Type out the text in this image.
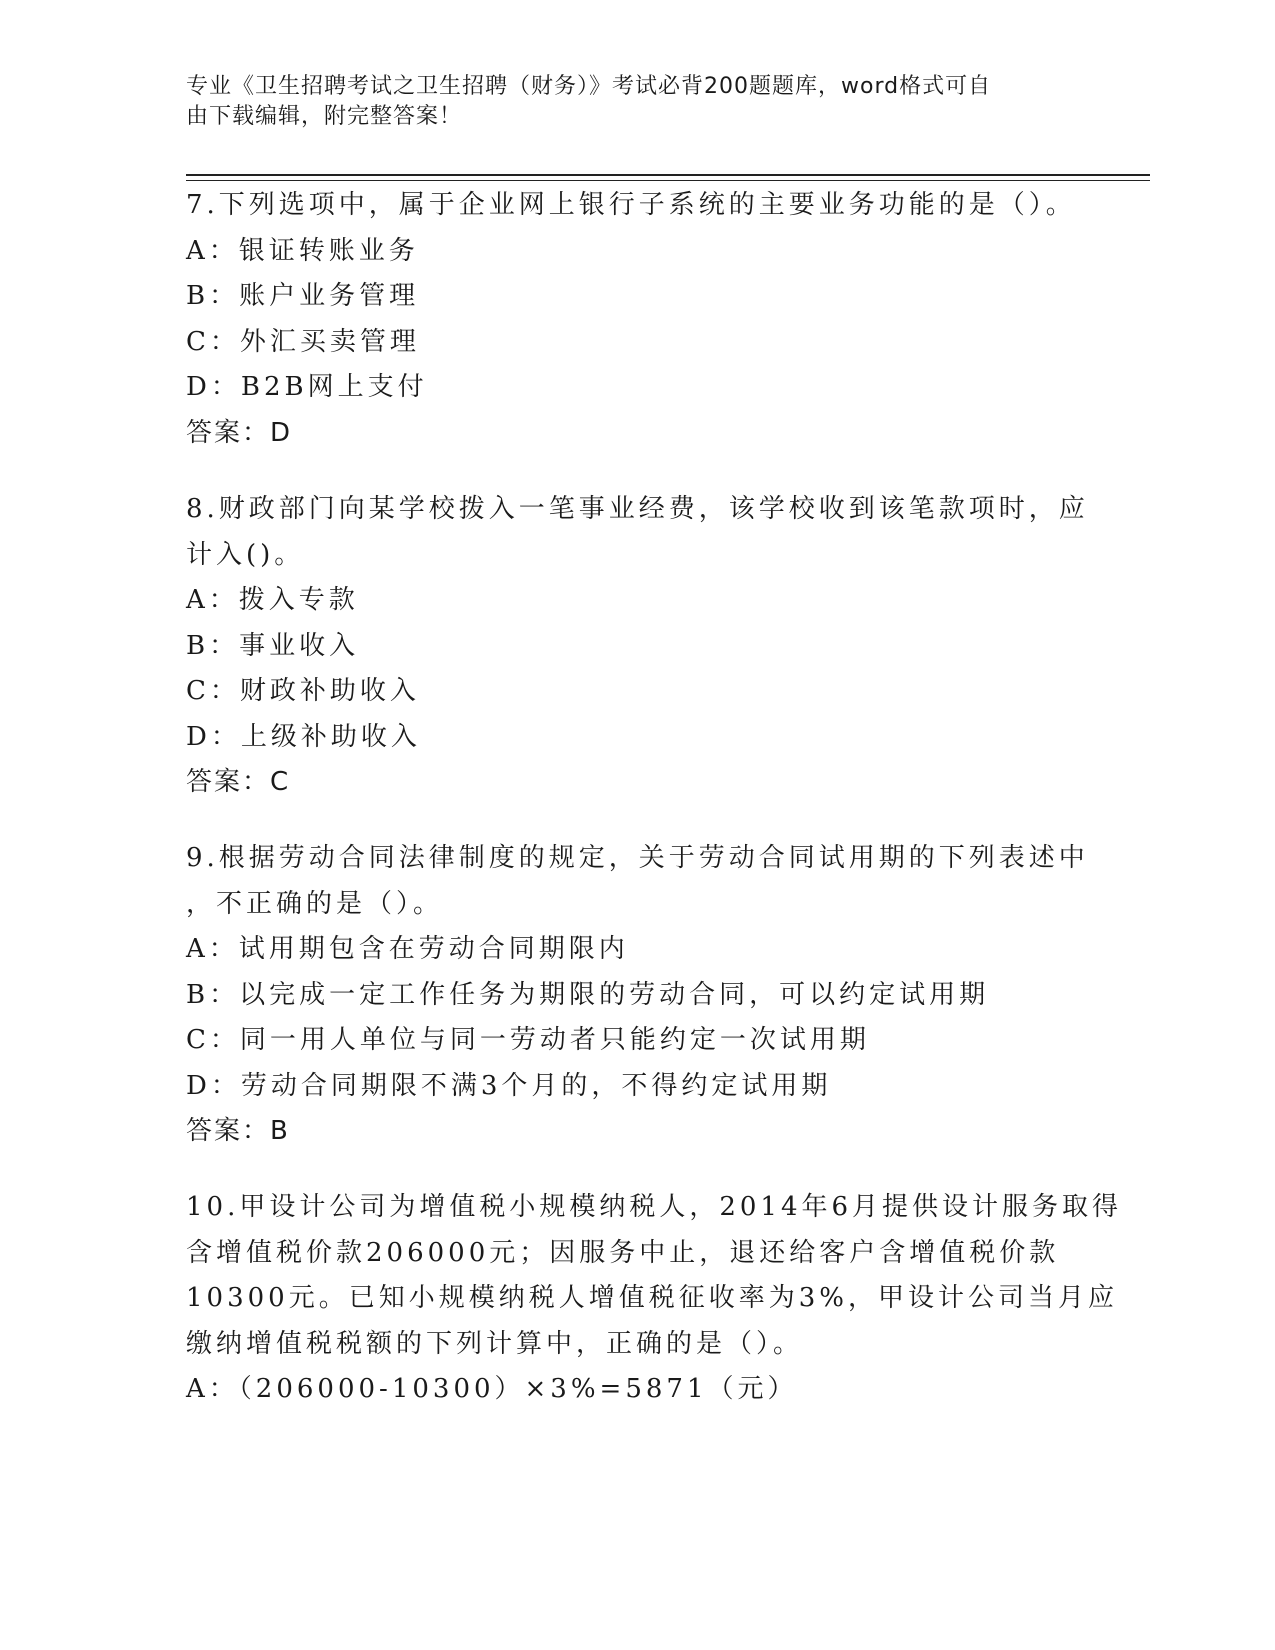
专业《卫生招聘考试之卫生招聘（财务）》考试必背200题题库，word格式可自
由下载编辑，附完整答案！
7.下列选项中，属于企业网上银行子系统的主要业务功能的是（）。
A：银证转账业务
B：账户业务管理
C：外汇买卖管理
D：B2B网上支付
答案：D
8.财政部门向某学校拨入一笔事业经费，该学校收到该笔款项时，应
计入()。
A：拨入专款
B：事业收入
C：财政补助收入
D：上级补助收入
答案：C
9.根据劳动合同法律制度的规定，关于劳动合同试用期的下列表述中
，不正确的是（）。
A：试用期包含在劳动合同期限内
B：以完成一定工作任务为期限的劳动合同，可以约定试用期
C：同一用人单位与同一劳动者只能约定一次试用期
D：劳动合同期限不满3个月的，不得约定试用期
答案：B
10.甲设计公司为增值税小规模纳税人，2014年6月提供设计服务取得
含增值税价款206000元；因服务中止，退还给客户含增值税价款
10300元。已知小规模纳税人增值税征收率为3%，甲设计公司当月应
缴纳增值税税额的下列计算中，正确的是（）。
A：（206000-10300）×3%=5871（元）
